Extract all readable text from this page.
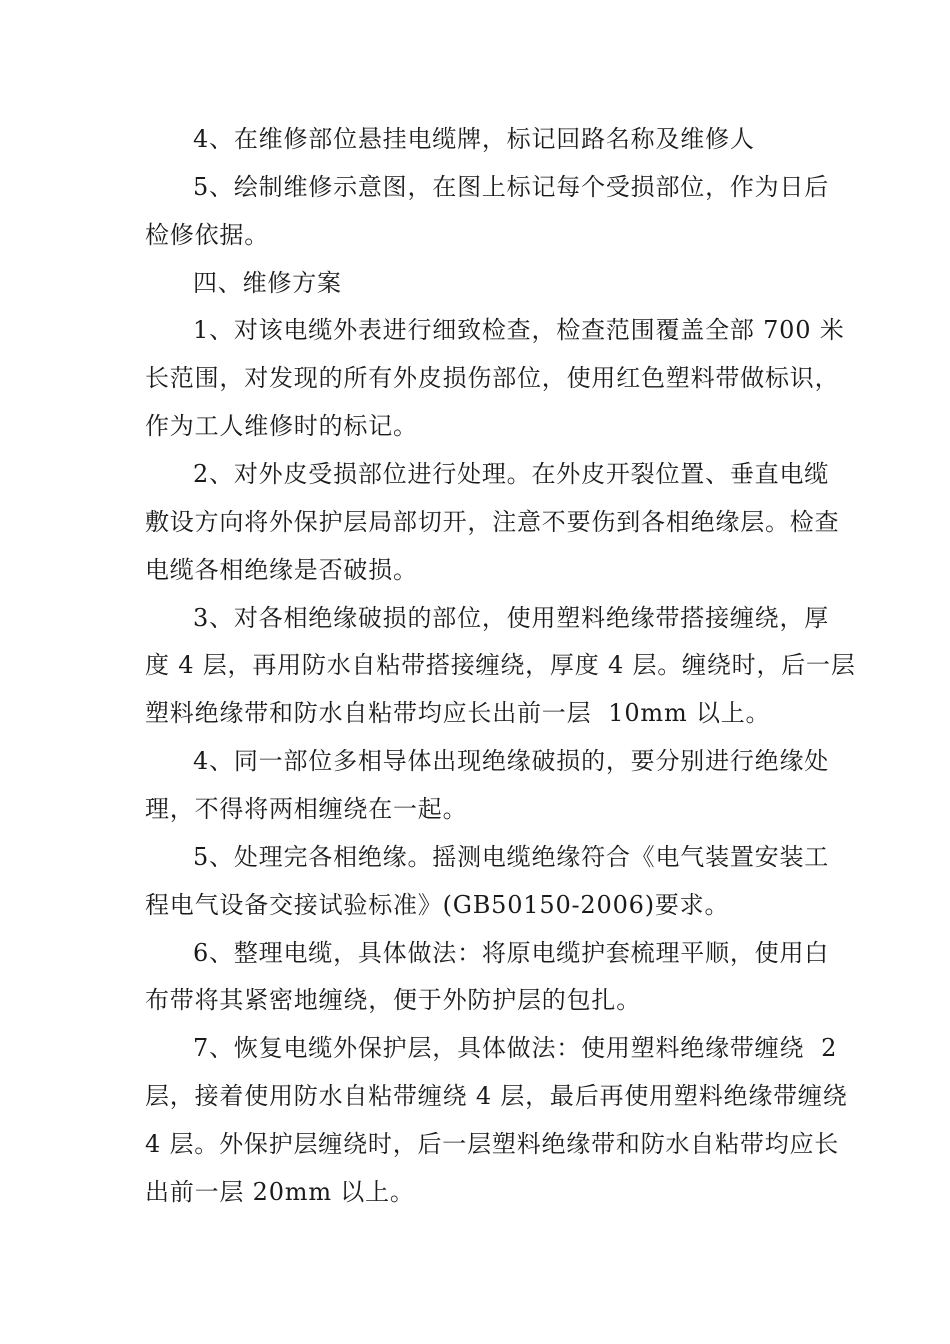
4、在维修部位悬挂电缆牌，标记回路名称及维修人
5、绘制维修示意图，在图上标记每个受损部位，作为日后
检修依据。
四、维修方案
1、对该电缆外表进行细致检查，检查范围覆盖全部 700 米
长范围，对发现的所有外皮损伤部位，使用红色塑料带做标识，
作为工人维修时的标记。
2、对外皮受损部位进行处理。在外皮开裂位置、垂直电缆
敷设方向将外保护层局部切开，注意不要伤到各相绝缘层。检查
电缆各相绝缘是否破损。
3、对各相绝缘破损的部位，使用塑料绝缘带搭接缠绕，厚
度 4 层，再用防水自粘带搭接缠绕，厚度 4 层。缠绕时，后一层
塑料绝缘带和防水自粘带均应长出前一层  10mm 以上。
4、同一部位多相导体出现绝缘破损的，要分别进行绝缘处
理，不得将两相缠绕在一起。
5、处理完各相绝缘。摇测电缆绝缘符合《电气装置安装工
程电气设备交接试验标准》(GB50150-2006)要求。
6、整理电缆，具体做法：将原电缆护套梳理平顺，使用白
布带将其紧密地缠绕，便于外防护层的包扎。
7、恢复电缆外保护层，具体做法：使用塑料绝缘带缠绕  2
层，接着使用防水自粘带缠绕 4 层，最后再使用塑料绝缘带缠绕
4 层。外保护层缠绕时，后一层塑料绝缘带和防水自粘带均应长
出前一层 20mm 以上。
